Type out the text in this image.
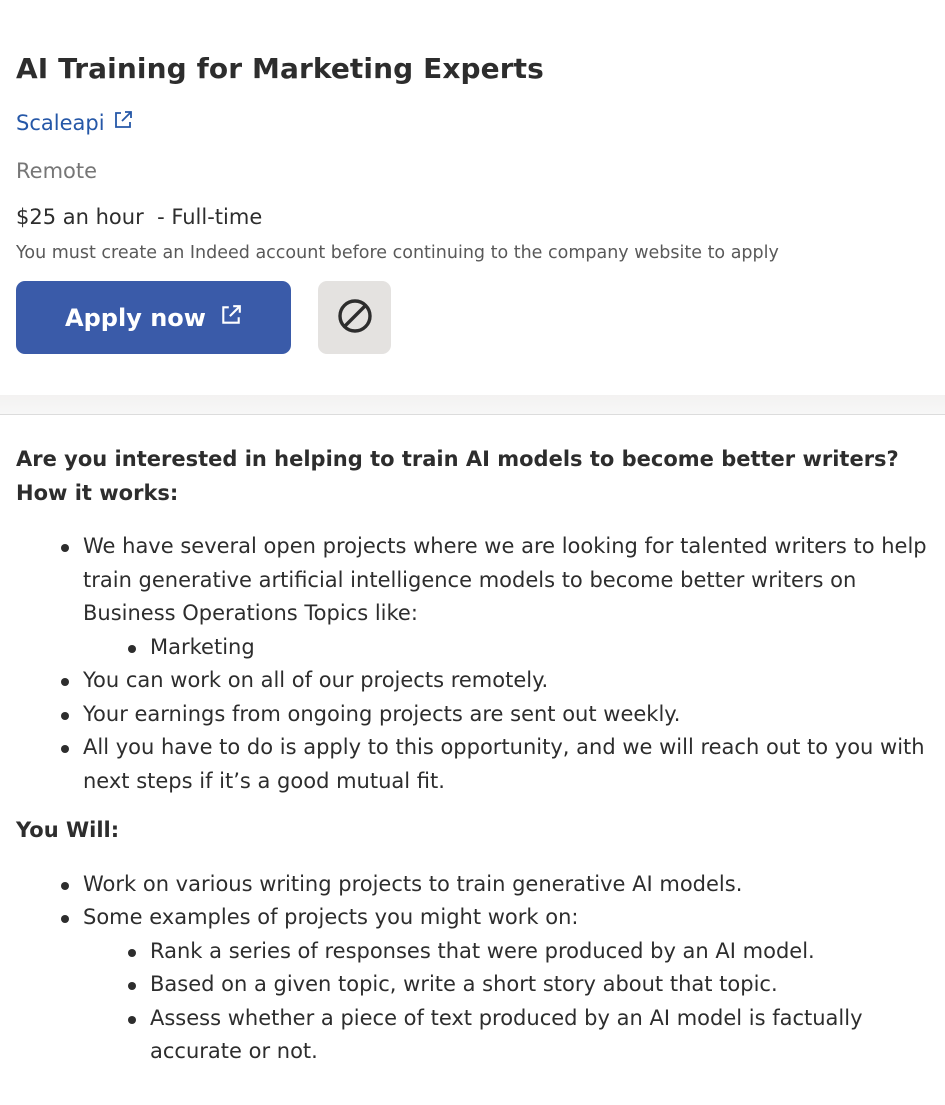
AI Training for Marketing Experts
Scaleapi
Remote
$25 an hour  - Full-time
You must create an Indeed account before continuing to the company website to apply
Apply now
Are you interested in helping to train AI models to become better writers?
How it works:
We have several open projects where we are looking for talented writers to help train generative artificial intelligence models to become better writers on Business Operations Topics like:
Marketing
You can work on all of our projects remotely.
Your earnings from ongoing projects are sent out weekly.
All you have to do is apply to this opportunity, and we will reach out to you with next steps if it’s a good mutual fit.
You Will:
Work on various writing projects to train generative AI models.
Some examples of projects you might work on:
Rank a series of responses that were produced by an AI model.
Based on a given topic, write a short story about that topic.
Assess whether a piece of text produced by an AI model is factually accurate or not.
